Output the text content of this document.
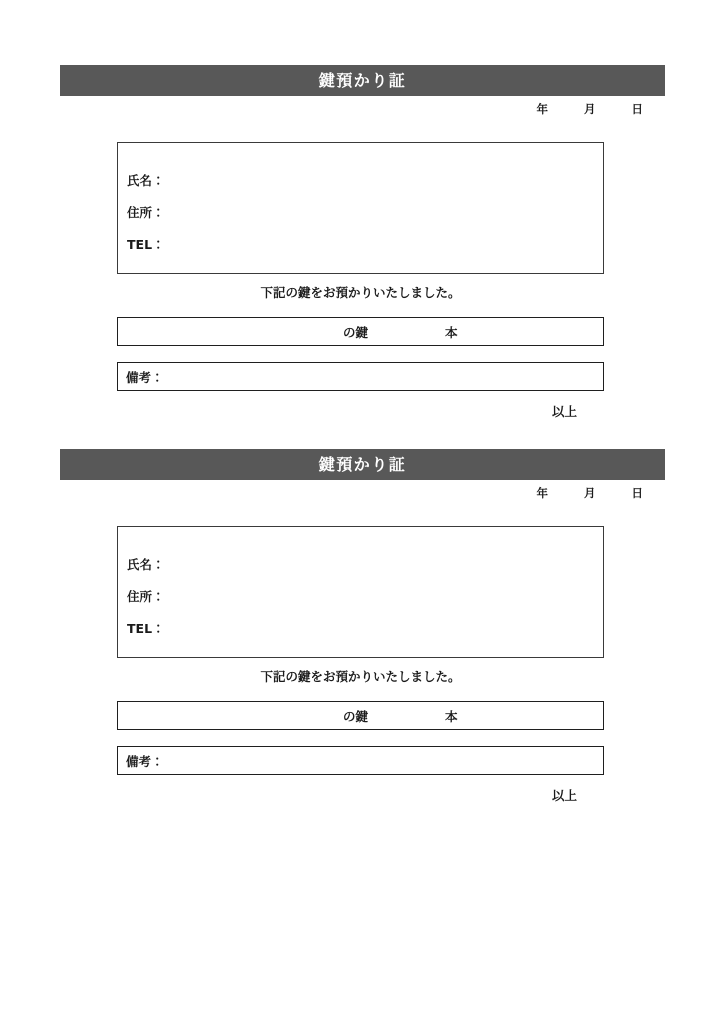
鍵預かり証
年	月	日
氏名：
住所：
TEL：
下記の鍵をお預かりいたしました。
の鍵	本
備考：
以上
鍵預かり証
年	月	日
氏名：
住所：
TEL：
下記の鍵をお預かりいたしました。
の鍵	本
備考：
以上
